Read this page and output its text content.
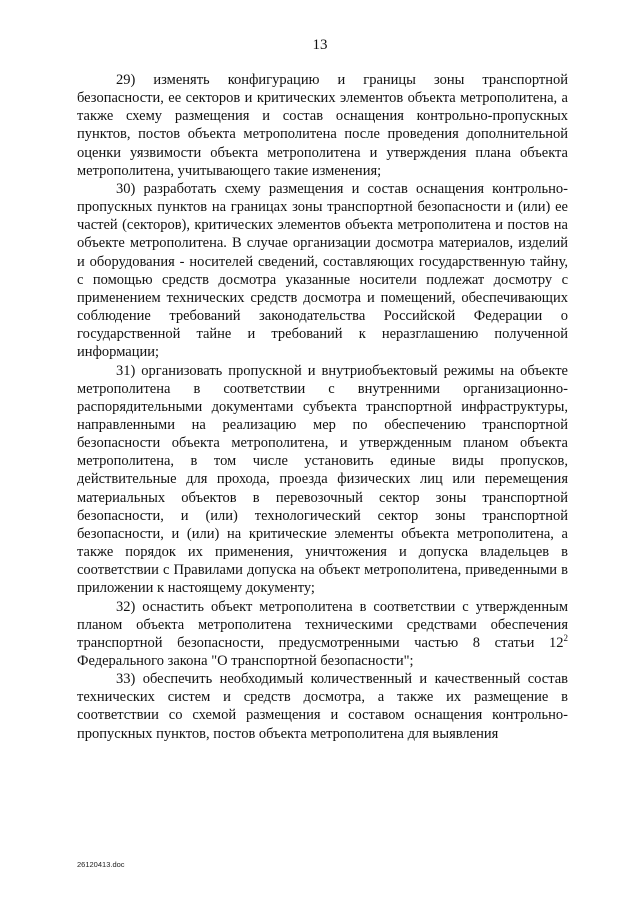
13

29) изменять конфигурацию и границы зоны транспортной безопасности, ее секторов и критических элементов объекта метрополитена, а также схему размещения и состав оснащения контрольно-пропускных пунктов, постов объекта метрополитена после проведения дополнительной оценки уязвимости объекта метрополитена и утверждения плана объекта метрополитена, учитывающего такие изменения;

30) разработать схему размещения и состав оснащения контрольно-пропускных пунктов на границах зоны транспортной безопасности и (или) ее частей (секторов), критических элементов объекта метрополитена и постов на объекте метрополитена. В случае организации досмотра материалов, изделий и оборудования - носителей сведений, составляющих государственную тайну, с помощью средств досмотра указанные носители подлежат досмотру с применением технических средств досмотра и помещений, обеспечивающих соблюдение требований законодательства Российской Федерации о государственной тайне и требований к неразглашению полученной информации;

31) организовать пропускной и внутриобъектовый режимы на объекте метрополитена в соответствии с внутренними организационно-распорядительными документами субъекта транспортной инфраструктуры, направленными на реализацию мер по обеспечению транспортной безопасности объекта метрополитена, и утвержденным планом объекта метрополитена, в том числе установить единые виды пропусков, действительные для прохода, проезда физических лиц или перемещения материальных объектов в перевозочный сектор зоны транспортной безопасности, и (или) технологический сектор зоны транспортной безопасности, и (или) на критические элементы объекта метрополитена, а также порядок их применения, уничтожения и допуска владельцев в соответствии с Правилами допуска на объект метрополитена, приведенными в приложении к настоящему документу;

32) оснастить объект метрополитена в соответствии с утвержденным планом объекта метрополитена техническими средствами обеспечения транспортной безопасности, предусмотренными частью 8 статьи $12^2$ Федерального закона "О транспортной безопасности";

33) обеспечить необходимый количественный и качественный состав технических систем и средств досмотра, а также их размещение в соответствии со схемой размещения и составом оснащения контрольно-пропускных пунктов, постов объекта метрополитена для выявления

26120413.doc
